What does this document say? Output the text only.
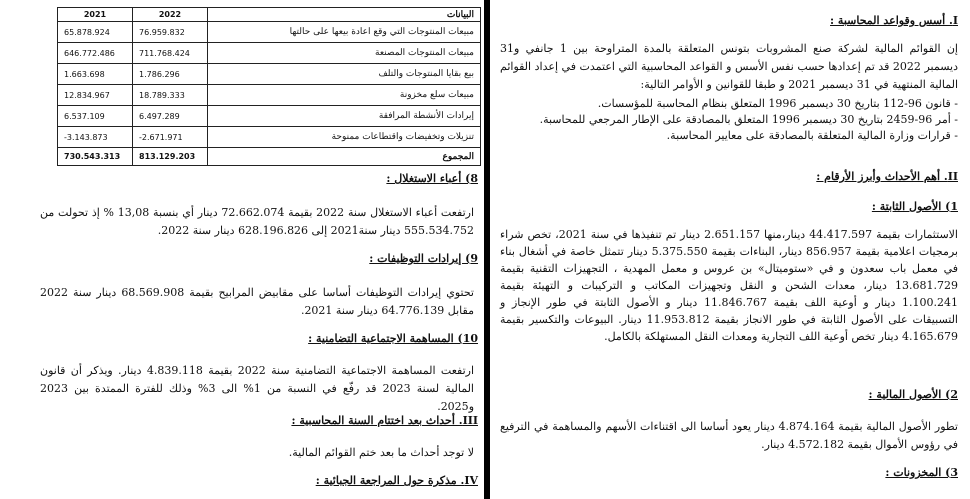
البيانات	2022	2021
مبيعات المنتوجات التي وقع اعادة بيعها على حالتها	76.959.832	65.878.924
مبيعات المنتوجات المصنعة	711.768.424	646.772.486
بيع بقايا المنتوجات والتلف	1.786.296	1.663.698
مبيعات سلع مخزونة	18.789.333	12.834.967
إيرادات الأنشطة المرافقة	6.497.289	6.537.109
تنزيلات وتخفيضات واقتطاعات ممنوحة	-2.671.971	-3.143.873
المجموع	813.129.203	730.543.313

8) أعباء الاستغلال :

ارتفعت أعباء الاستغلال سنة 2022 بقيمة 72.662.074 دينار أي بنسبة 13,08 % إذ تحولت من 555.534.752 دينار سنة2021 إلى 628.196.826 دينار سنة 2022.

9) إيرادات التوظيفات :

تحتوي إيرادات التوظيفات أساسا على مقابيض المرابيح بقيمة 68.569.908 دينار سنة 2022 مقابل 64.776.139 دينار سنة 2021.

10) المساهمة الاجتماعية التضامنية :

ارتفعت المساهمة الاجتماعية التضامنية سنة 2022 بقيمة 4.839.118 دينار. ويذكر أن قانون المالية لسنة 2023 قد رفّع في النسبة من 1% الى 3% وذلك للفترة الممتدة بين 2023 و2025.

III. أحداث بعد اختتام السنة المحاسبية :

لا توجد أحداث ما بعد ختم القوائم المالية.

IV. مذكرة حول المراجعة الجبائية :

I. أسس وقواعد المحاسبة :

إن القوائم المالية لشركة صنع المشروبات بتونس المتعلقة بالمدة المتراوحة بين 1 جانفي و31 ديسمبر 2022 قد تم إعدادها حسب نفس الأسس و القواعد المحاسبية التي اعتمدت في إعداد القوائم المالية المنتهية في 31 ديسمبر 2021 و طبقا للقوانين و الأوامر التالية:

- قانون 96-112 بتاريخ 30 ديسمبر 1996 المتعلق بنظام المحاسبة للمؤسسات.
- أمر 96-2459 بتاريخ 30 ديسمبر 1996 المتعلق بالمصادقة على الإطار المرجعي للمحاسبة.
- قرارات وزارة المالية المتعلقة بالمصادقة على معايير المحاسبة.

II. أهم الأحداث وأبرز الأرقام :

1) الأصول الثابتة :

الاستثمارات بقيمة 44.417.597 دينار،منها 2.651.157 دينار تم تنفيذها في سنة 2021، تخص شراء برمجيات اعلامية بقيمة 856.957 دينار، البناءات بقيمة 5.375.550 دينار تتمثل خاصة في أشغال بناء في معمل باب سعدون و في «ستوميتال» بن عروس و معمل المهدية ، التجهيزات التقنية بقيمة 13.681.729 دينار، معدات الشحن و النقل وتجهيزات المكاتب و التركيبات و التهيئة بقيمة 1.100.241 دينار و أوعية اللف بقيمة 11.846.767 دينار و الأصول الثابتة في طور الإنجاز و التسبيقات على الأصول الثابتة في طور الانجاز بقيمة 11.953.812 دينار. البيوعات والتكسير بقيمة 4.165.679 دينار تخص أوعية اللف التجارية ومعدات النقل المستهلكة بالكامل.

2) الأصول المالية :

تطور الأصول المالية بقيمة 4.874.164 دينار يعود أساسا الى اقتناءات الأسهم والمساهمة في الترفيع في رؤوس الأموال بقيمة 4.572.182 دينار.

3) المخزونات :
